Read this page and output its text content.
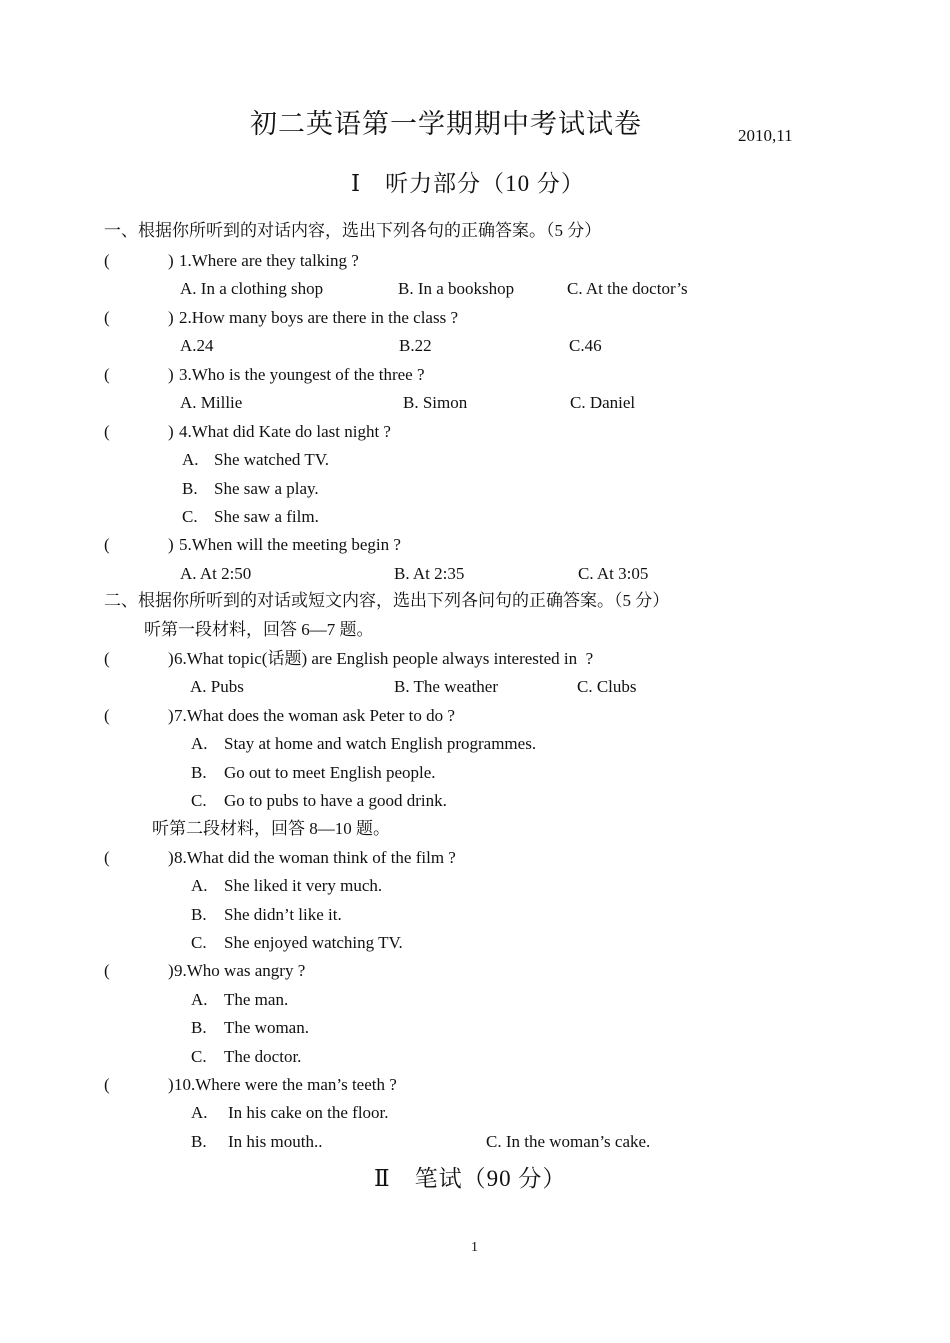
初二英语第一学期期中考试试卷	2010,11
Ⅰ　听力部分（10 分）
一、根据你所听到的对话内容，选出下列各句的正确答案。（5 分）
(	) 1.Where are they talking ?
A. In a clothing shop	B. In a bookshop	C. At the doctor’s
(	) 2.How many boys are there in the class ?
A.24	B.22	C.46
(	) 3.Who is the youngest of the three ?
A. Millie	B. Simon	C. Daniel
(	) 4.What did Kate do last night ?
A. She watched TV.
B. She saw a play.
C. She saw a film.
(	) 5.When will the meeting begin ?
A. At 2:50	B. At 2:35	C. At 3:05
二、根据你所听到的对话或短文内容，选出下列各问句的正确答案。（5 分）
听第一段材料，回答 6—7 题。
(	) 6.What topic(话题) are English people always interested in  ?
A. Pubs	B. The weather	C. Clubs
(	) 7.What does the woman ask Peter to do ?
A. Stay at home and watch English programmes.
B. Go out to meet English people.
C. Go to pubs to have a good drink.
听第二段材料，回答 8—10 题。
(	) 8.What did the woman think of the film ?
A. She liked it very much.
B. She didn’t like it.
C. She enjoyed watching TV.
(	) 9.Who was angry ?
A. The man.
B. The woman.
C. The doctor.
(	) 10.Where were the man’s teeth ?
A. In his cake on the floor.
B. In his mouth..	C. In the woman’s cake.
Ⅱ　笔试（90 分）
1
